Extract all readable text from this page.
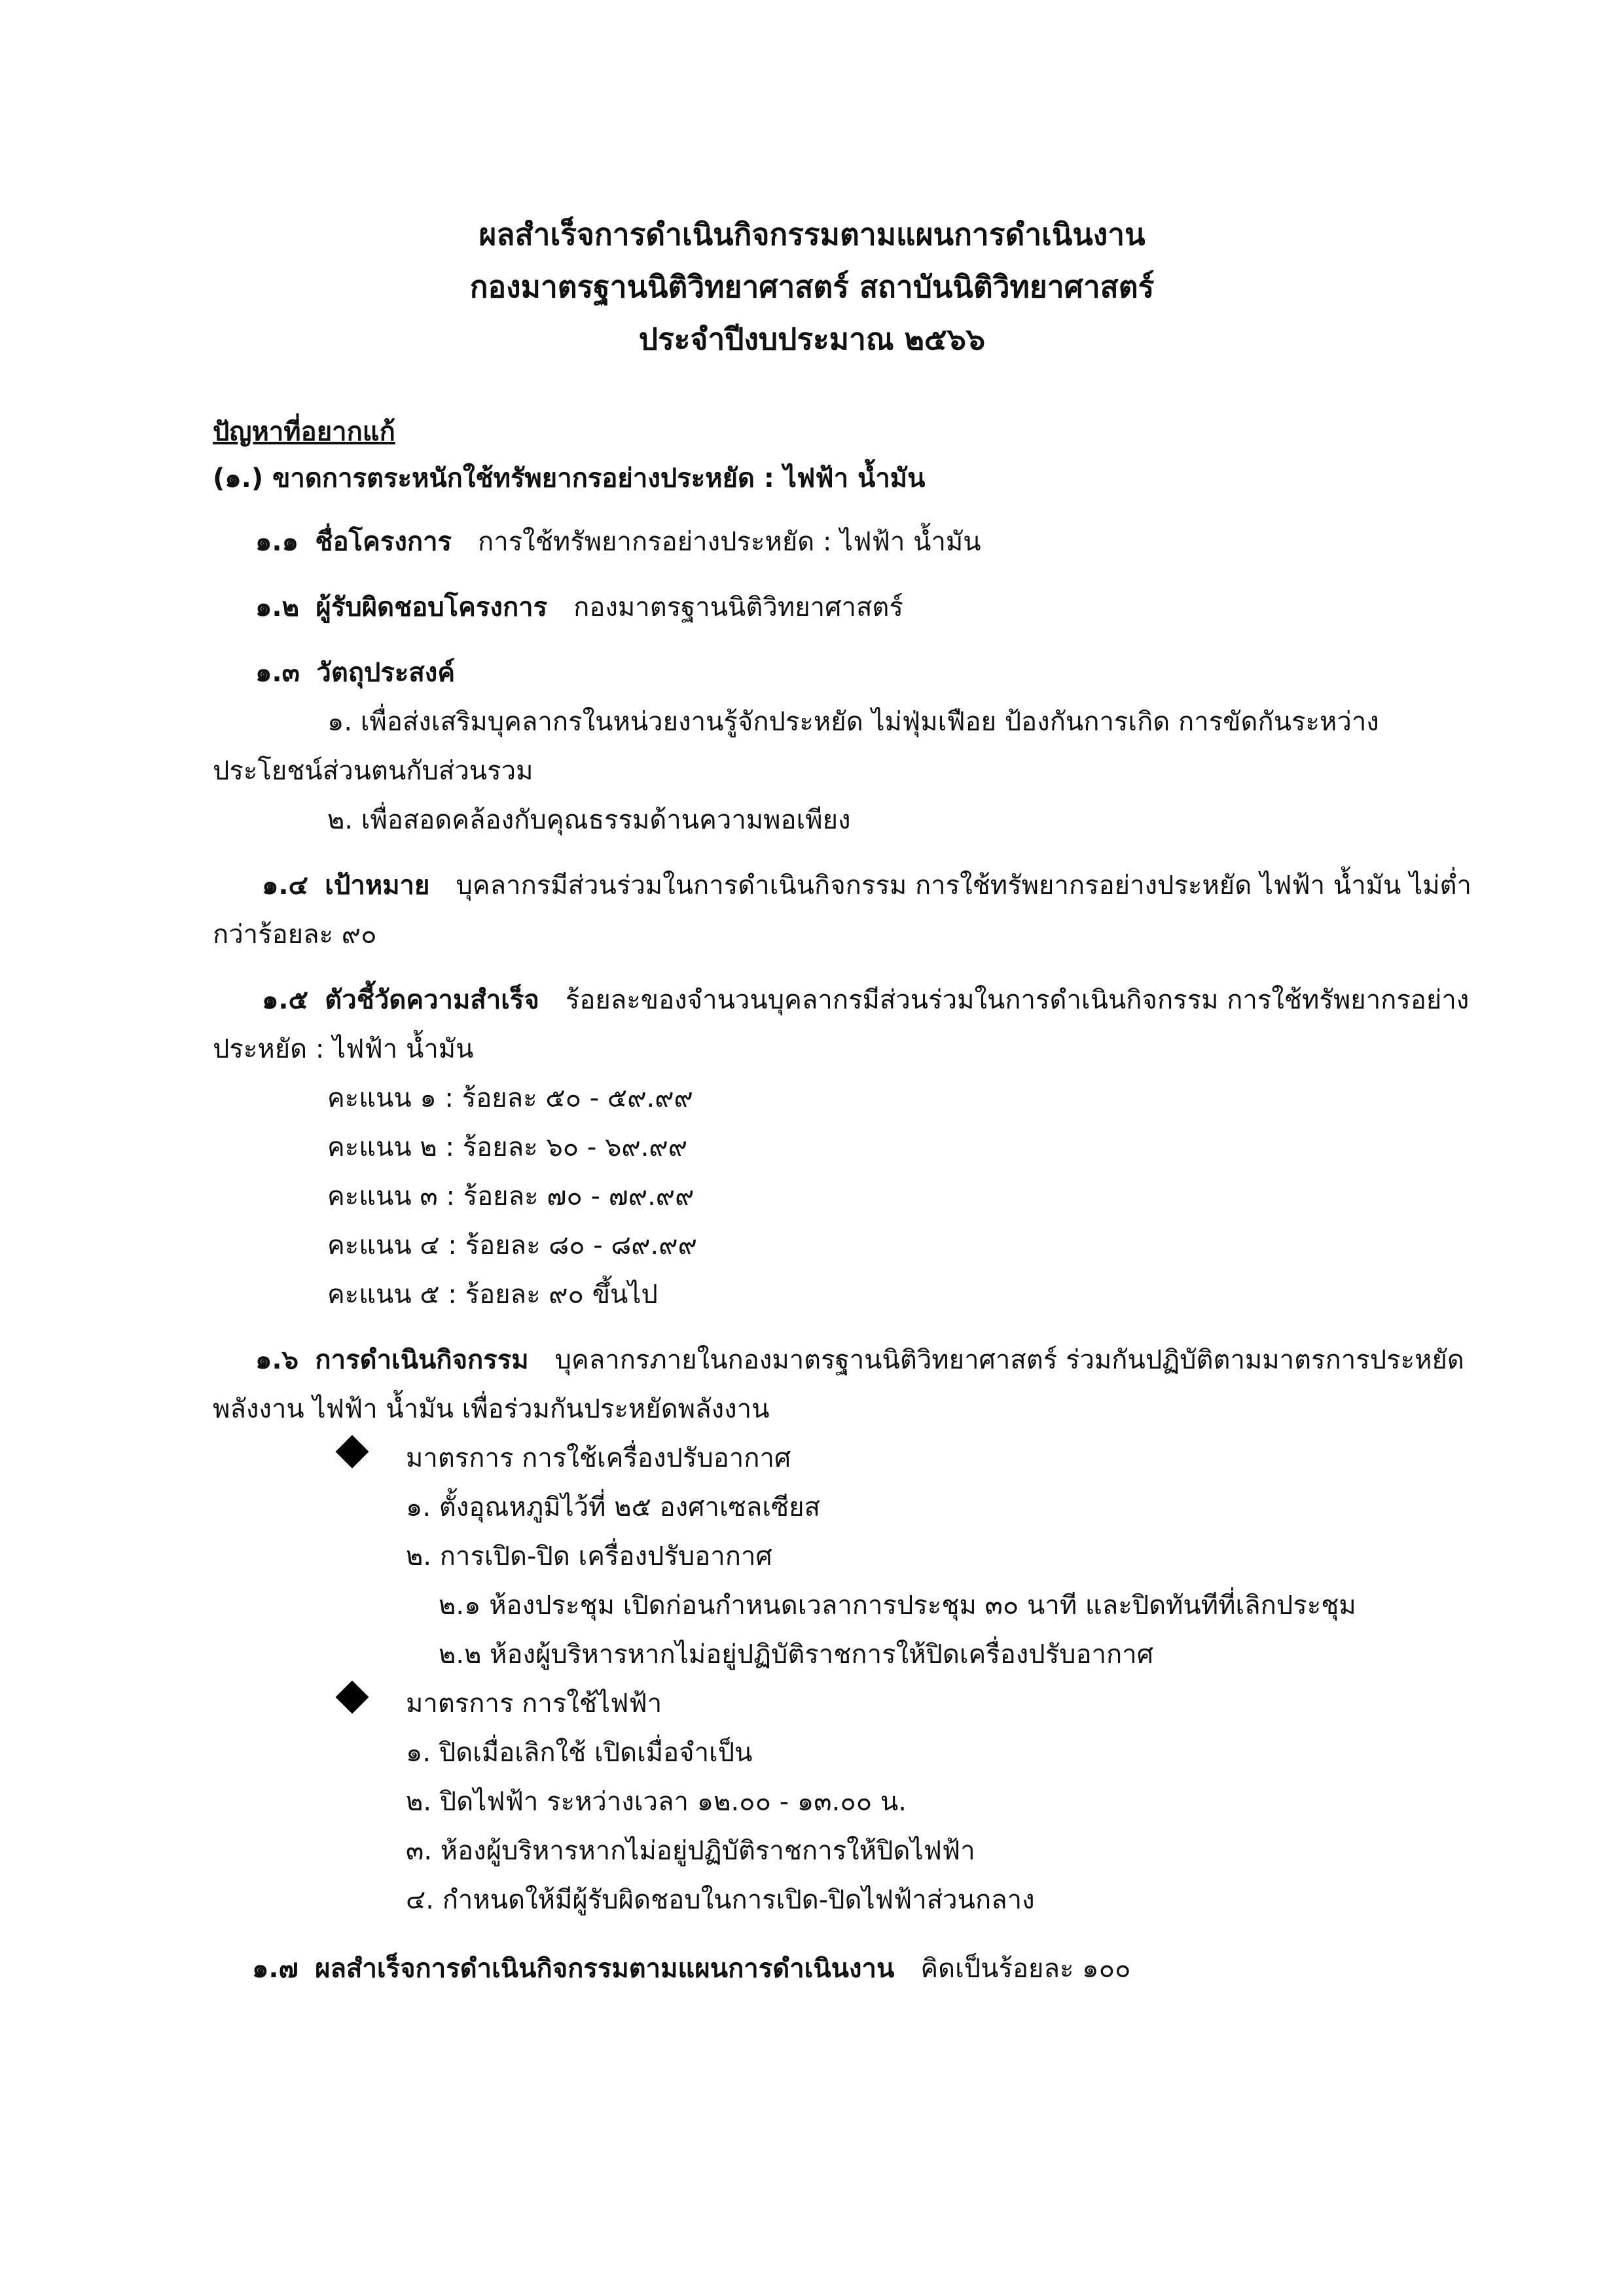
ผลสำเร็จการดำเนินกิจกรรมตามแผนการดำเนินงาน
กองมาตรฐานนิติวิทยาศาสตร์ สถาบันนิติวิทยาศาสตร์
ประจำปีงบประมาณ ๒๕๖๖
ปัญหาที่อยากแก้
(๑.) ขาดการตระหนักใช้ทรัพยากรอย่างประหยัด : ไฟฟ้า น้ำมัน
๑.๑ ชื่อโครงการ การใช้ทรัพยากรอย่างประหยัด : ไฟฟ้า น้ำมัน
๑.๒ ผู้รับผิดชอบโครงการ กองมาตรฐานนิติวิทยาศาสตร์
๑.๓ วัตถุประสงค์
๑. เพื่อส่งเสริมบุคลากรในหน่วยงานรู้จักประหยัด ไม่ฟุ่มเฟือย ป้องกันการเกิด การขัดกันระหว่าง
ประโยชน์ส่วนตนกับส่วนรวม
๒. เพื่อสอดคล้องกับคุณธรรมด้านความพอเพียง
๑.๔ เป้าหมาย บุคลากรมีส่วนร่วมในการดำเนินกิจกรรม การใช้ทรัพยากรอย่างประหยัด ไฟฟ้า น้ำมัน ไม่ต่ำ
กว่าร้อยละ ๙๐
๑.๕ ตัวชี้วัดความสำเร็จ ร้อยละของจำนวนบุคลากรมีส่วนร่วมในการดำเนินกิจกรรม การใช้ทรัพยากรอย่าง
ประหยัด : ไฟฟ้า น้ำมัน
คะแนน ๑ : ร้อยละ ๕๐ - ๕๙.๙๙
คะแนน ๒ : ร้อยละ ๖๐ - ๖๙.๙๙
คะแนน ๓ : ร้อยละ ๗๐ - ๗๙.๙๙
คะแนน ๔ : ร้อยละ ๘๐ - ๘๙.๙๙
คะแนน ๕ : ร้อยละ ๙๐ ขึ้นไป
๑.๖ การดำเนินกิจกรรม บุคลากรภายในกองมาตรฐานนิติวิทยาศาสตร์ ร่วมกันปฏิบัติตามมาตรการประหยัด
พลังงาน ไฟฟ้า น้ำมัน เพื่อร่วมกันประหยัดพลังงาน
มาตรการ การใช้เครื่องปรับอากาศ
๑. ตั้งอุณหภูมิไว้ที่ ๒๕ องศาเซลเซียส
๒. การเปิด-ปิด เครื่องปรับอากาศ
๒.๑ ห้องประชุม เปิดก่อนกำหนดเวลาการประชุม ๓๐ นาที และปิดทันทีที่เลิกประชุม
๒.๒ ห้องผู้บริหารหากไม่อยู่ปฏิบัติราชการให้ปิดเครื่องปรับอากาศ
มาตรการ การใช้ไฟฟ้า
๑. ปิดเมื่อเลิกใช้ เปิดเมื่อจำเป็น
๒. ปิดไฟฟ้า ระหว่างเวลา ๑๒.๐๐ - ๑๓.๐๐ น.
๓. ห้องผู้บริหารหากไม่อยู่ปฏิบัติราชการให้ปิดไฟฟ้า
๔. กำหนดให้มีผู้รับผิดชอบในการเปิด-ปิดไฟฟ้าส่วนกลาง
๑.๗ ผลสำเร็จการดำเนินกิจกรรมตามแผนการดำเนินงาน คิดเป็นร้อยละ ๑๐๐
